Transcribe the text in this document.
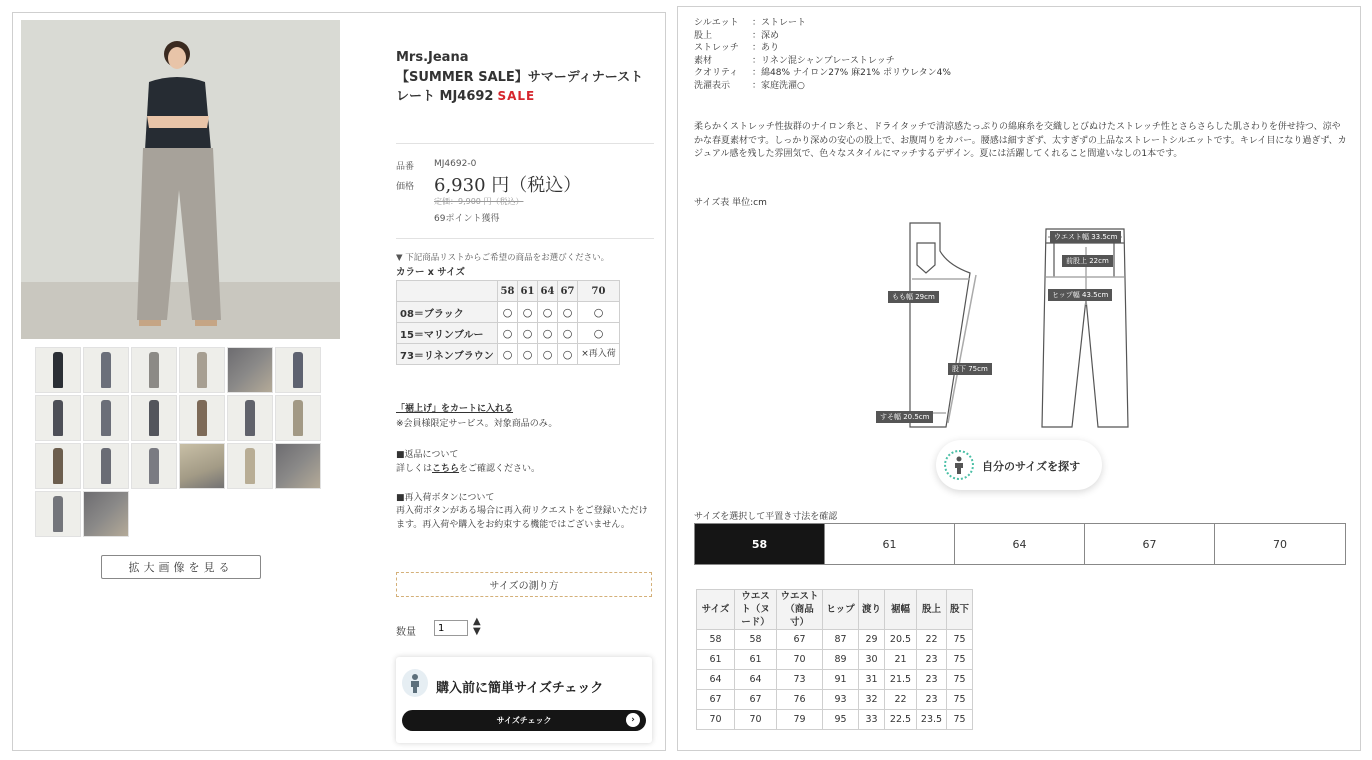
拡大画像を見る
Mrs.Jeana
【SUMMER SALE】サマーディナーストレート MJ4692 SALE
品番 MJ4692-0
価格 6,930 円（税込）
定価：9,900 円（税込）
69ポイント獲得
▼ 下記商品リストからご希望の商品をお選びください。
カラー x サイズ
	58	61	64	67	70
08＝ブラック	○	○	○	○	○
15＝マリンブルー	○	○	○	○	○
73＝リネンブラウン	○	○	○	○	×再入荷
「裾上げ」をカートに入れる
※会員様限定サービス。対象商品のみ。
■返品について
詳しくはこちらをご確認ください。
■再入荷ボタンについて
再入荷ボタンがある場合に再入荷リクエストをご登録いただけます。再入荷や購入をお約束する機能ではございません。
サイズの測り方
数量
1
▲
▼
購入前に簡単サイズチェック
サイズチェック	›
シルエット	：ストレート
股上	：深め
ストレッチ	：あり
素材	：リネン混シャンブレーストレッチ
クオリティ	：綿48% ナイロン27% 麻21% ポリウレタン4%
洗濯表示	：家庭洗濯○
柔らかくストレッチ性抜群のナイロン糸と、ドライタッチで清涼感たっぷりの綿麻糸を交織しとびぬけたストレッチ性とさらさらした肌さわりを併せ持つ、涼やかな春夏素材です。しっかり深めの安心の股上で、お腹周りをカバー。腰感は細すぎず、太すぎずの上品なストレートシルエットです。キレイ目になり過ぎず、カジュアル感を残した雰囲気で、色々なスタイルにマッチするデザイン。夏には活躍してくれること間違いなしの1本です。
サイズ表 単位:cm
もも幅 29cm
股下 75cm
すそ幅 20.5cm
ウエスト幅 33.5cm
前股上 22cm
ヒップ幅 43.5cm
自分のサイズを探す
サイズを選択して平置き寸法を確認
58	61	64	67	70
サイズ	ウエスト（ヌード）	ウエスト（商品寸）	ヒップ	渡り	裾幅	股上	股下
58	58	67	87	29	20.5	22	75
61	61	70	89	30	21	23	75
64	64	73	91	31	21.5	23	75
67	67	76	93	32	22	23	75
70	70	79	95	33	22.5	23.5	75
